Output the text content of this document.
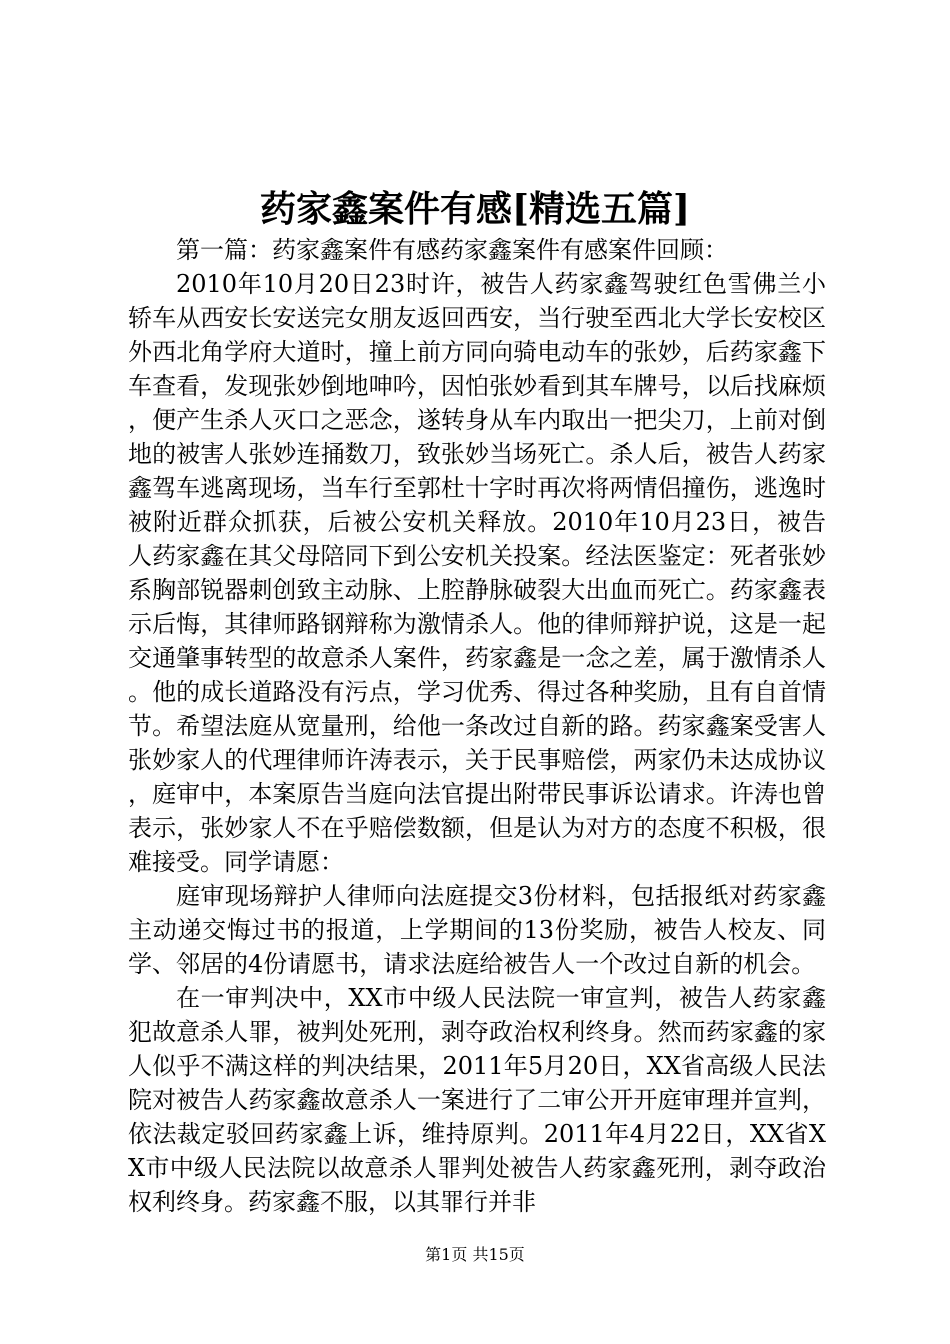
药家鑫案件有感[精选五篇]

第一篇：药家鑫案件有感药家鑫案件有感案件回顾：

2010年10月20日23时许，被告人药家鑫驾驶红色雪佛兰小轿车从西安长安送完女朋友返回西安，当行驶至西北大学长安校区外西北角学府大道时，撞上前方同向骑电动车的张妙，后药家鑫下车查看，发现张妙倒地呻吟，因怕张妙看到其车牌号，以后找麻烦，便产生杀人灭口之恶念，遂转身从车内取出一把尖刀，上前对倒地的被害人张妙连捅数刀，致张妙当场死亡。杀人后，被告人药家鑫驾车逃离现场，当车行至郭杜十字时再次将两情侣撞伤，逃逸时被附近群众抓获，后被公安机关释放。2010年10月23日，被告人药家鑫在其父母陪同下到公安机关投案。经法医鉴定：死者张妙系胸部锐器刺创致主动脉、上腔静脉破裂大出血而死亡。药家鑫表示后悔，其律师路钢辩称为激情杀人。他的律师辩护说，这是一起交通肇事转型的故意杀人案件，药家鑫是一念之差，属于激情杀人。他的成长道路没有污点，学习优秀、得过各种奖励，且有自首情节。希望法庭从宽量刑，给他一条改过自新的路。药家鑫案受害人张妙家人的代理律师许涛表示，关于民事赔偿，两家仍未达成协议，庭审中，本案原告当庭向法官提出附带民事诉讼请求。许涛也曾表示，张妙家人不在乎赔偿数额，但是认为对方的态度不积极，很难接受。同学请愿：

庭审现场辩护人律师向法庭提交3份材料，包括报纸对药家鑫主动递交悔过书的报道，上学期间的13份奖励，被告人校友、同学、邻居的4份请愿书，请求法庭给被告人一个改过自新的机会。

在一审判决中，XX市中级人民法院一审宣判，被告人药家鑫犯故意杀人罪，被判处死刑，剥夺政治权利终身。然而药家鑫的家人似乎不满这样的判决结果，2011年5月20日，XX省高级人民法院对被告人药家鑫故意杀人一案进行了二审公开开庭审理并宣判，依法裁定驳回药家鑫上诉，维持原判。2011年4月22日，XX省XX市中级人民法院以故意杀人罪判处被告人药家鑫死刑，剥夺政治权利终身。药家鑫不服，以其罪行并非

第1页 共15页
